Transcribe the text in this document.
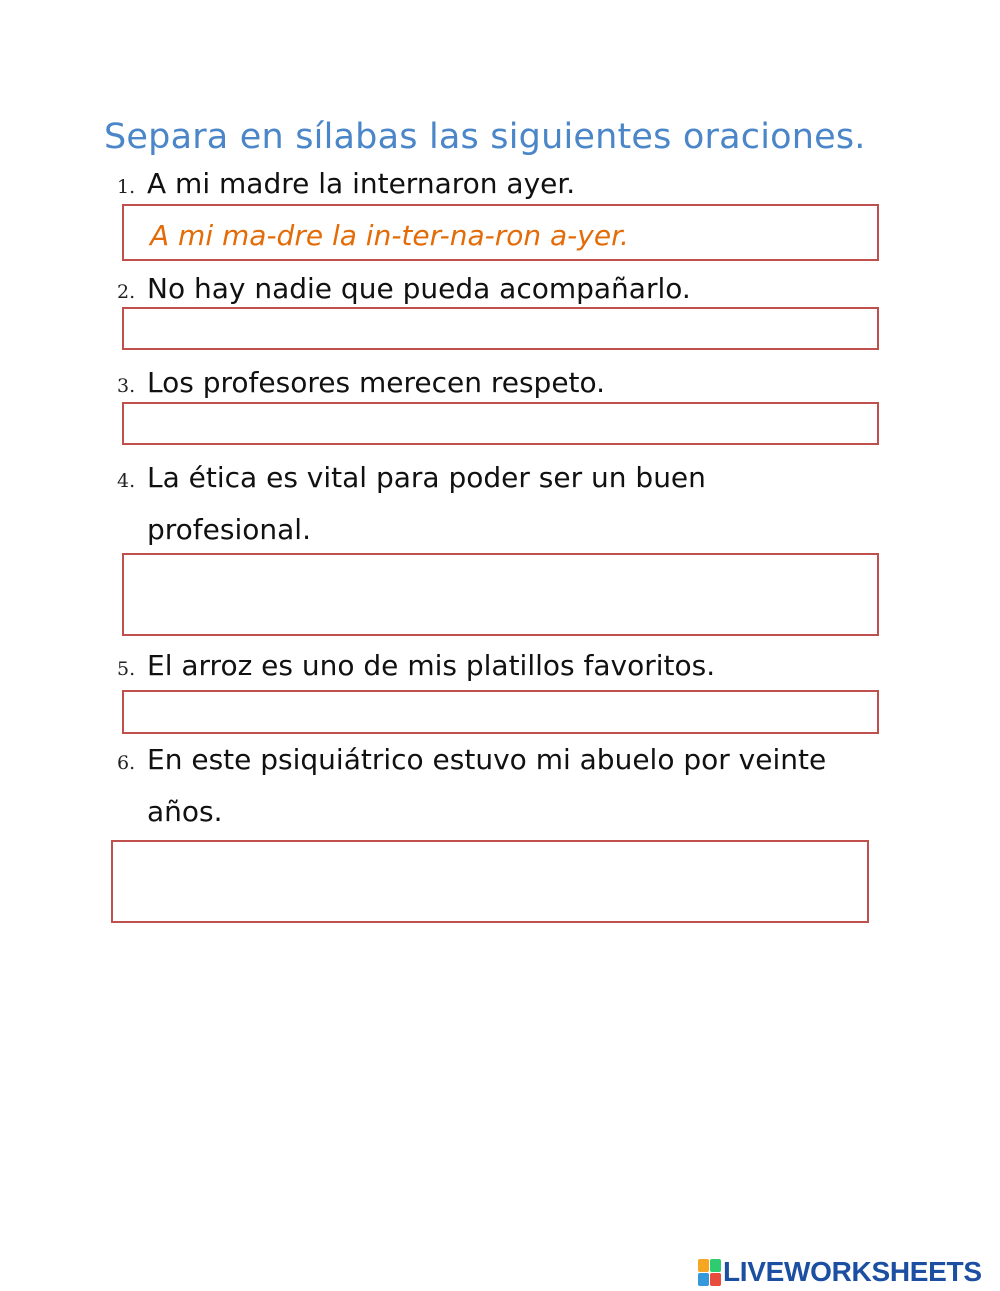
Separa en sílabas las siguientes oraciones.
1. A mi madre la internaron ayer.
A mi ma-dre la in-ter-na-ron a-yer.
2. No hay nadie que pueda acompañarlo.
3. Los profesores merecen respeto.
4. La ética es vital para poder ser un buen profesional.
5. El arroz es uno de mis platillos favoritos.
6. En este psiquiátrico estuvo mi abuelo por veinte años.
LIVEWORKSHEETS
